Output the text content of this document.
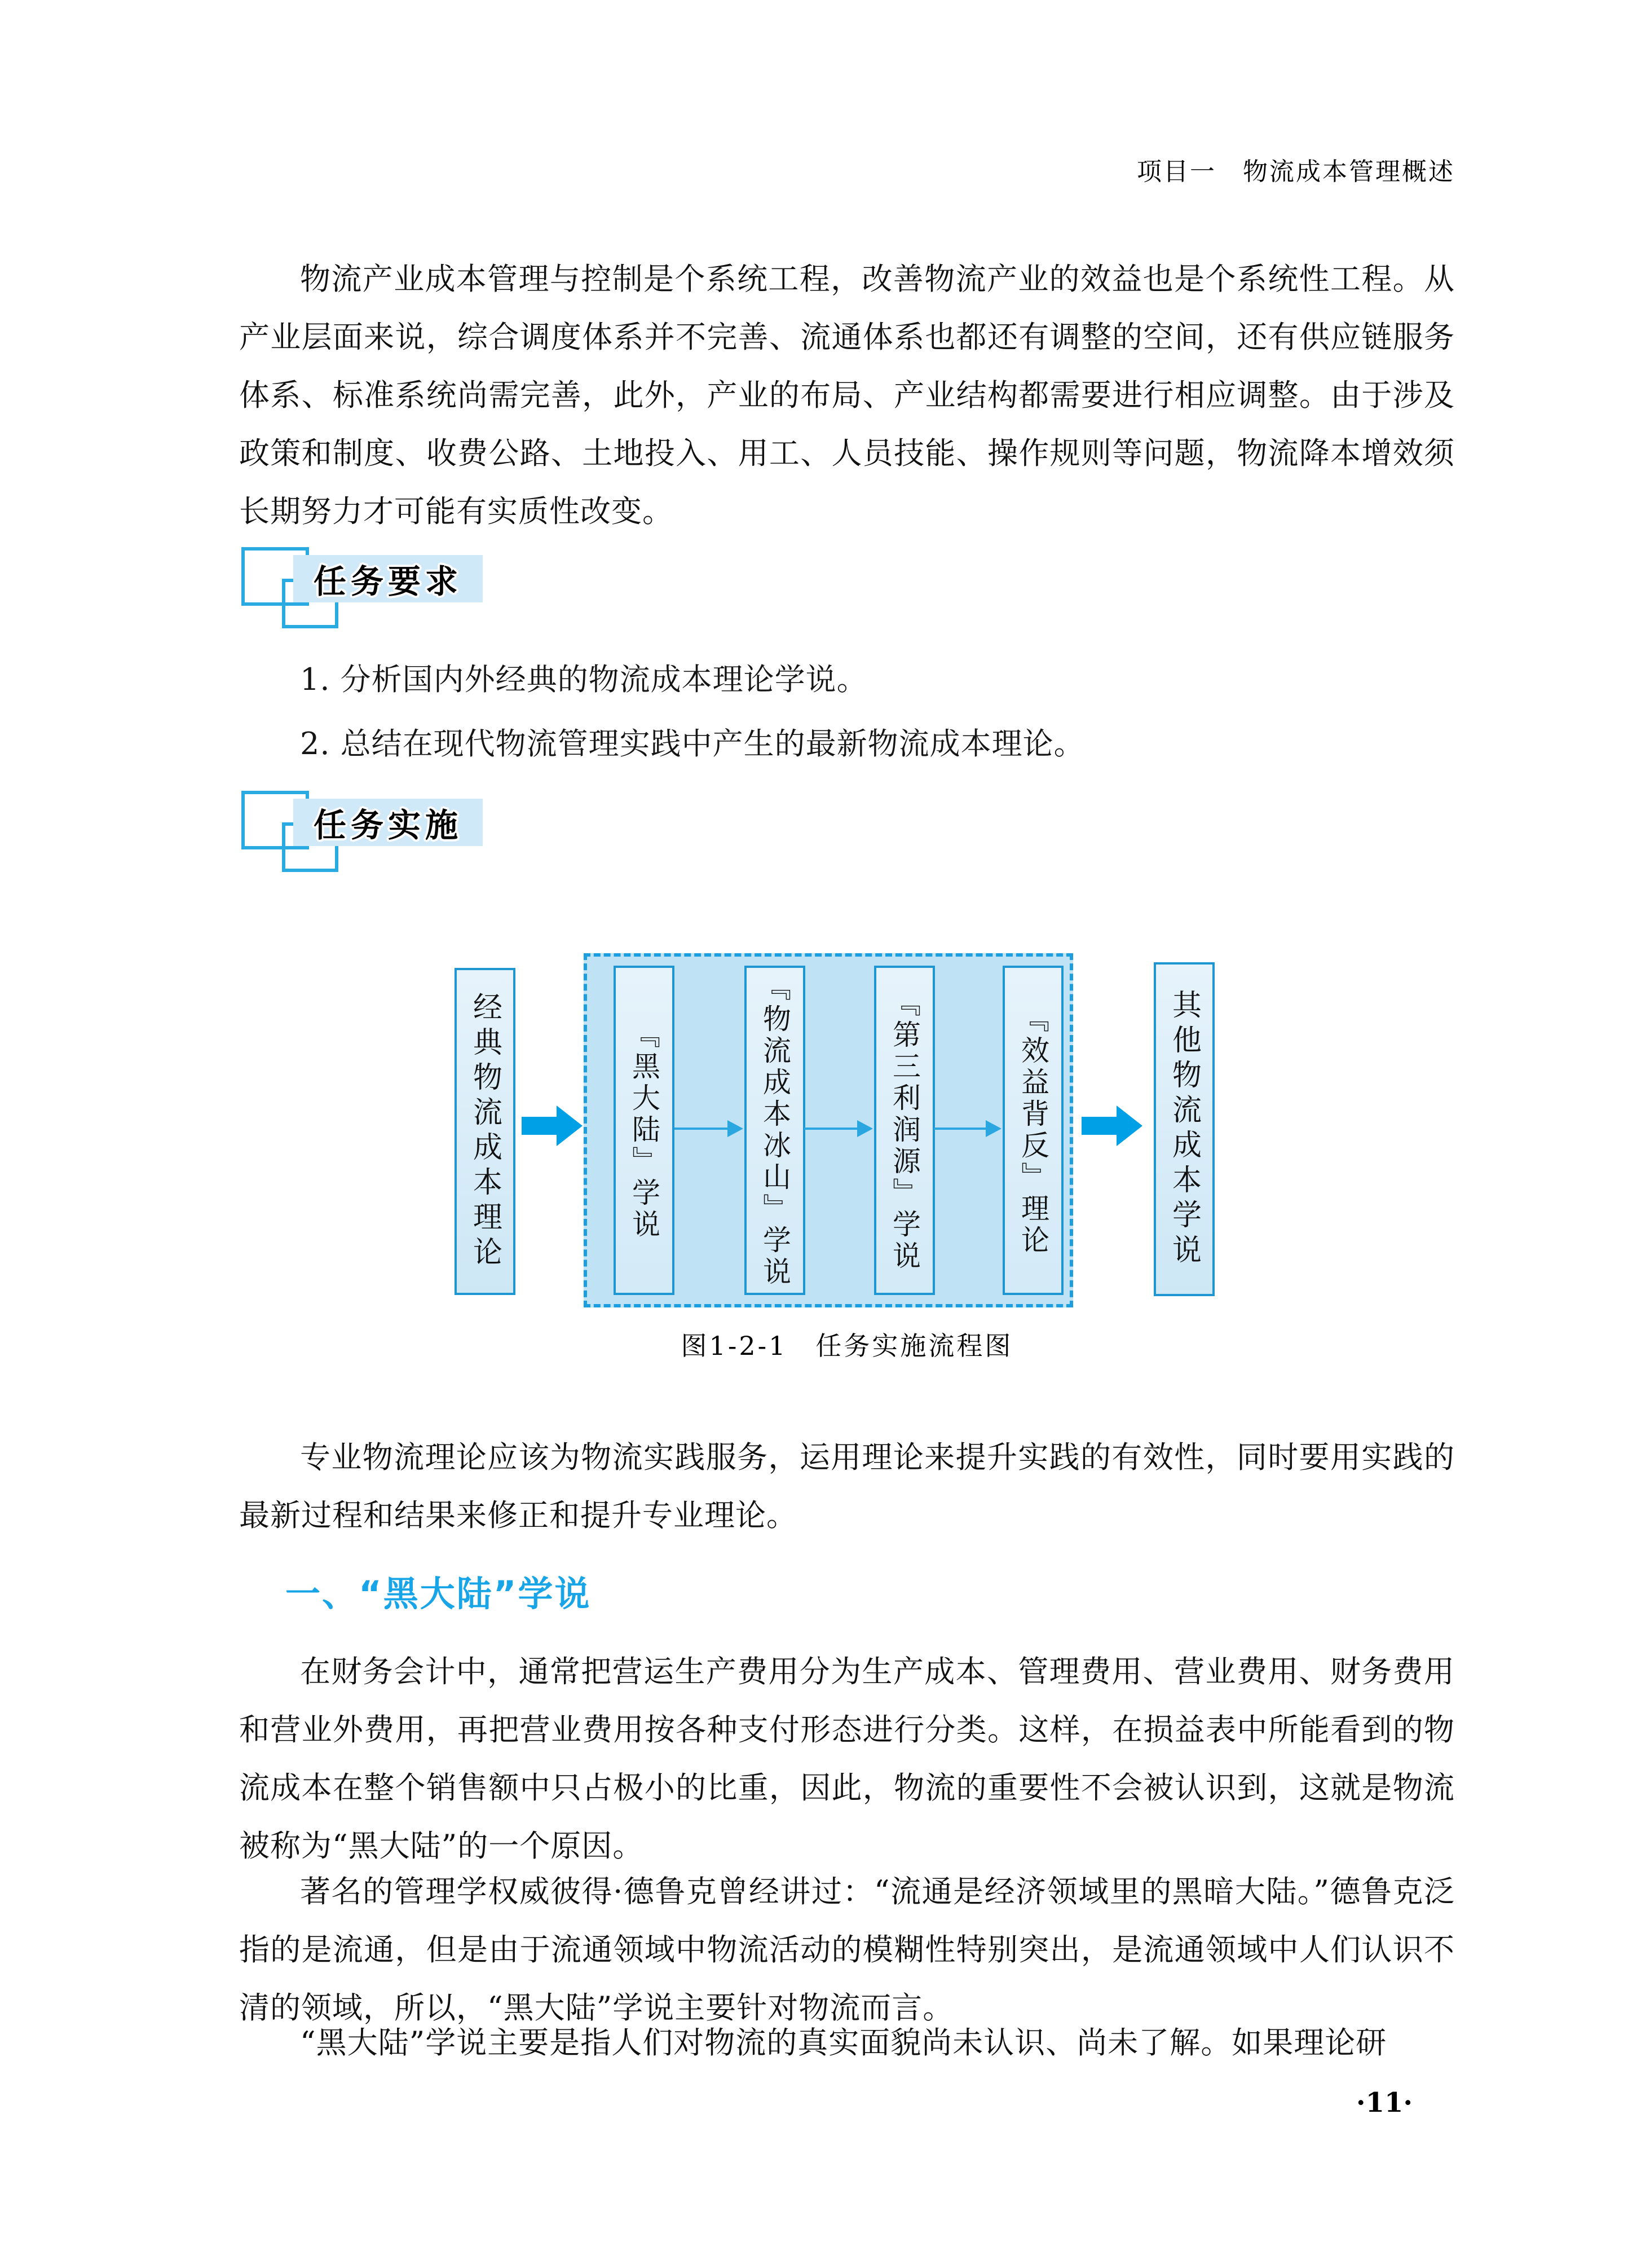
项目一　物流成本管理概述

物流产业成本管理与控制是个系统工程，改善物流产业的效益也是个系统性工程。从产业层面来说，综合调度体系并不完善、流通体系也都还有调整的空间，还有供应链服务体系、标准系统尚需完善，此外，产业的布局、产业结构都需要进行相应调整。由于涉及政策和制度、收费公路、土地投入、用工、人员技能、操作规则等问题，物流降本增效须长期努力才可能有实质性改变。

任务要求

1. 分析国内外经典的物流成本理论学说。

2. 总结在现代物流管理实践中产生的最新物流成本理论。

任务实施
经典物流成本理论	『黑大陆』学说	『物流成本冰山』学说	『第三利润源』学说	『效益背反』理论	其他物流成本学说
图1-2-1　任务实施流程图

专业物流理论应该为物流实践服务，运用理论来提升实践的有效性，同时要用实践的最新过程和结果来修正和提升专业理论。

一、“黑大陆”学说

在财务会计中，通常把营运生产费用分为生产成本、管理费用、营业费用、财务费用和营业外费用，再把营业费用按各种支付形态进行分类。这样，在损益表中所能看到的物流成本在整个销售额中只占极小的比重，因此，物流的重要性不会被认识到，这就是物流被称为“黑大陆”的一个原因。

著名的管理学权威彼得·德鲁克曾经讲过：“流通是经济领域里的黑暗大陆。”德鲁克泛指的是流通，但是由于流通领域中物流活动的模糊性特别突出，是流通领域中人们认识不清的领域，所以，“黑大陆”学说主要针对物流而言。

“黑大陆”学说主要是指人们对物流的真实面貌尚未认识、尚未了解。如果理论研

·11·
